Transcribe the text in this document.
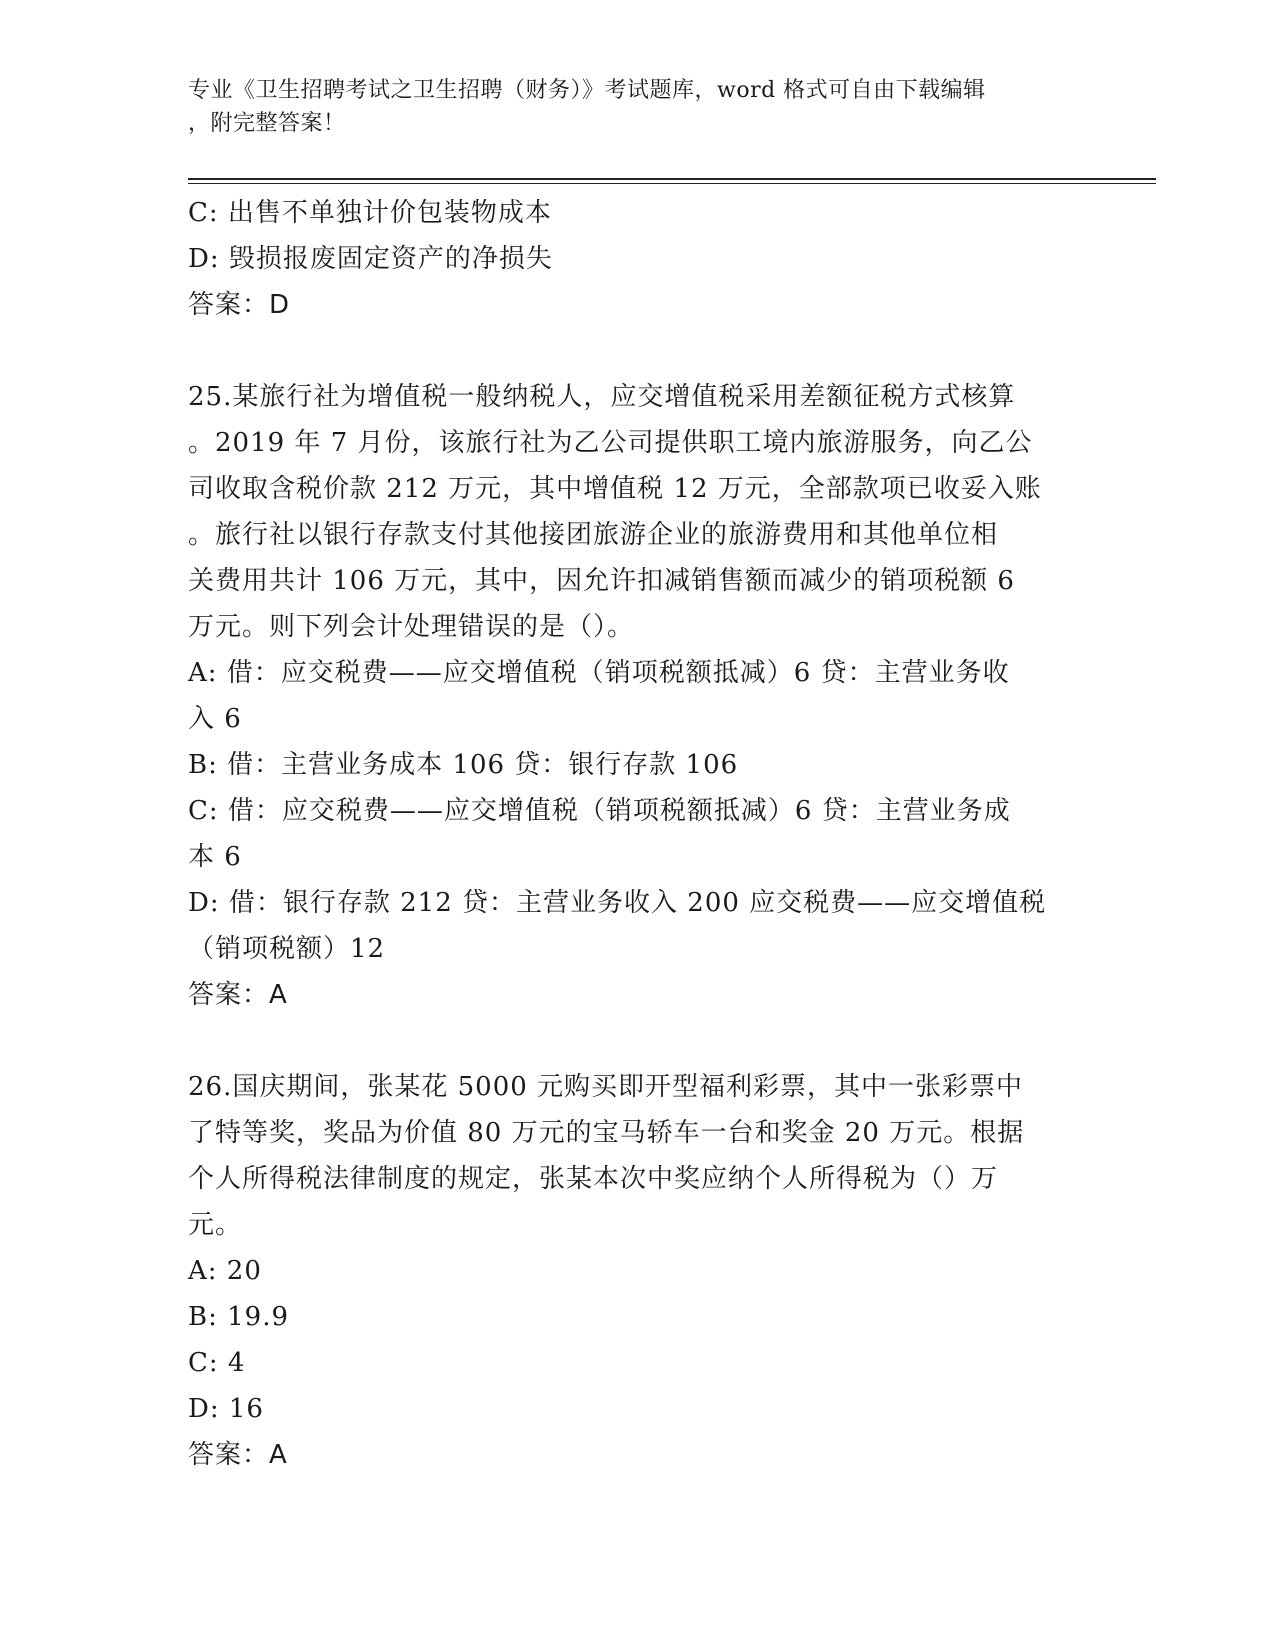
专业《卫生招聘考试之卫生招聘（财务）》考试题库，word 格式可自由下载编辑
，附完整答案！
C: 出售不单独计价包装物成本
D: 毁损报废固定资产的净损失
答案：D
25.某旅行社为增值税一般纳税人，应交增值税采用差额征税方式核算
。2019 年 7 月份，该旅行社为乙公司提供职工境内旅游服务，向乙公
司收取含税价款 212 万元，其中增值税 12 万元，全部款项已收妥入账
。旅行社以银行存款支付其他接团旅游企业的旅游费用和其他单位相
关费用共计 106 万元，其中，因允许扣减销售额而减少的销项税额 6
万元。则下列会计处理错误的是（）。
A: 借：应交税费——应交增值税（销项税额抵减）6 贷：主营业务收
入 6
B: 借：主营业务成本 106 贷：银行存款 106
C: 借：应交税费——应交增值税（销项税额抵减）6 贷：主营业务成
本 6
D: 借：银行存款 212 贷：主营业务收入 200 应交税费——应交增值税
（销项税额）12
答案：A
26.国庆期间，张某花 5000 元购买即开型福利彩票，其中一张彩票中
了特等奖，奖品为价值 80 万元的宝马轿车一台和奖金 20 万元。根据
个人所得税法律制度的规定，张某本次中奖应纳个人所得税为（）万
元。
A: 20
B: 19.9
C: 4
D: 16
答案：A
